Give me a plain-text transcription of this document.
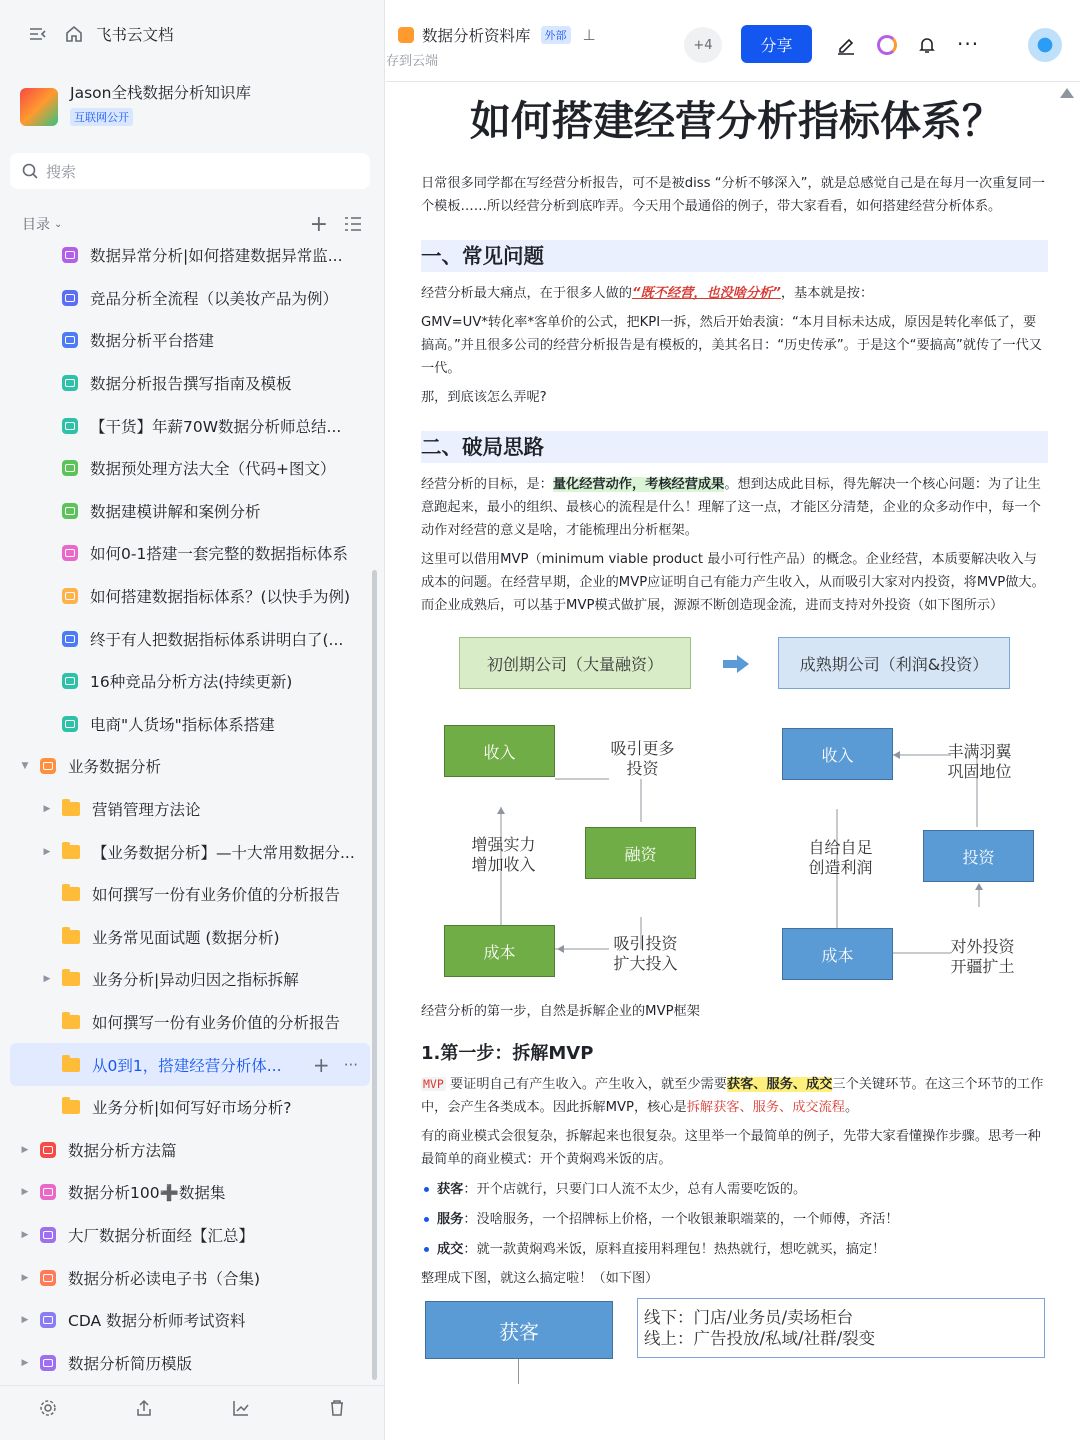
飞书云文档
Jason全栈数据分析知识库
互联网公开
搜索
目录 ⌄	+
数据异常分析|如何搭建数据异常监...
竞品分析全流程（以美妆产品为例）
数据分析平台搭建
数据分析报告撰写指南及模板
【干货】年薪70W数据分析师总结...
数据预处理方法大全（代码+图文）
数据建模讲解和案例分析
如何0-1搭建一套完整的数据指标体系
如何搭建数据指标体系？(以快手为例)
终于有人把数据指标体系讲明白了(...
16种竞品分析方法(持续更新)
电商"人货场"指标体系搭建
▼	业务数据分析
▶	营销管理方法论
▶	【业务数据分析】—十大常用数据分...
如何撰写一份有业务价值的分析报告
业务常见面试题 (数据分析)
▶	业务分析|异动归因之指标拆解
如何撰写一份有业务价值的分析报告
从0到1，搭建经营分析体... + ···
业务分析|如何写好市场分析?
▶	数据分析方法篇
▶	数据分析100➕数据集
▶	大厂数据分析面经【汇总】
▶	数据分析必读电子书（合集)
▶	CDA 数据分析师考试资料
▶	数据分析简历模版
数据分析资料库	外部 ⊥
存到云端
+4	分享	···
如何搭建经营分析指标体系？

日常很多同学都在写经营分析报告，可不是被diss “分析不够深入”，就是总感觉自己是在每月一次重复同一个模板……所以经营分析到底咋弄。今天用个最通俗的例子，带大家看看，如何搭建经营分析体系。

一、常见问题

经营分析最大痛点，在于很多人做的“既不经营，也没啥分析”，基本就是按：

GMV=UV*转化率*客单价的公式，把KPI一拆，然后开始表演：“本月目标未达成，原因是转化率低了，要搞高。”并且很多公司的经营分析报告是有模板的，美其名日：“历史传承”。于是这个“要搞高”就传了一代又一代。

那，到底该怎么弄呢?

二、破局思路

经营分析的目标，是：量化经营动作，考核经营成果。想到达成此目标，得先解决一个核心问题：为了让生意跑起来，最小的组织、最核心的流程是什么！理解了这一点，才能区分清楚，企业的众多动作中，每一个动作对经营的意义是啥，才能梳理出分析框架。

这里可以借用MVP（minimum viable product 最小可行性产品）的概念。企业经营，本质要解决收入与成本的问题。在经营早期，企业的MVP应证明自己有能力产生收入，从而吸引大家对内投资，将MVP做大。而企业成熟后，可以基于MVP模式做扩展，源源不断创造现金流，进而支持对外投资（如下图所示）

初创期公司（大量融资）	成熟期公司（利润&投资）
收入
融资
成本
吸引更多
投资
增强实力
增加收入
吸引投资
扩大投入
收入
投资
成本
丰满羽翼
巩固地位
自给自足
创造利润
对外投资
开疆扩土

经营分析的第一步，自然是拆解企业的MVP框架

1.第一步：拆解MVP

MVP 要证明自己有产生收入。产生收入，就至少需要获客、服务、成交三个关键环节。在这三个环节的工作中，会产生各类成本。因此拆解MVP，核心是拆解获客、服务、成交流程。

有的商业模式会很复杂，拆解起来也很复杂。这里举一个最简单的例子，先带大家看懂操作步骤。思考一种最简单的商业模式：开个黄焖鸡米饭的店。

获客：开个店就行，只要门口人流不太少，总有人需要吃饭的。
服务：没啥服务，一个招牌标上价格，一个收银兼职端菜的，一个师傅，齐活！
成交：就一款黄焖鸡米饭，原料直接用料理包！热热就行，想吃就买，搞定！

整理成下图，就这么搞定啦！（如下图）

获客
线下：门店/业务员/卖场柜台
线上：广告投放/私域/社群/裂变
